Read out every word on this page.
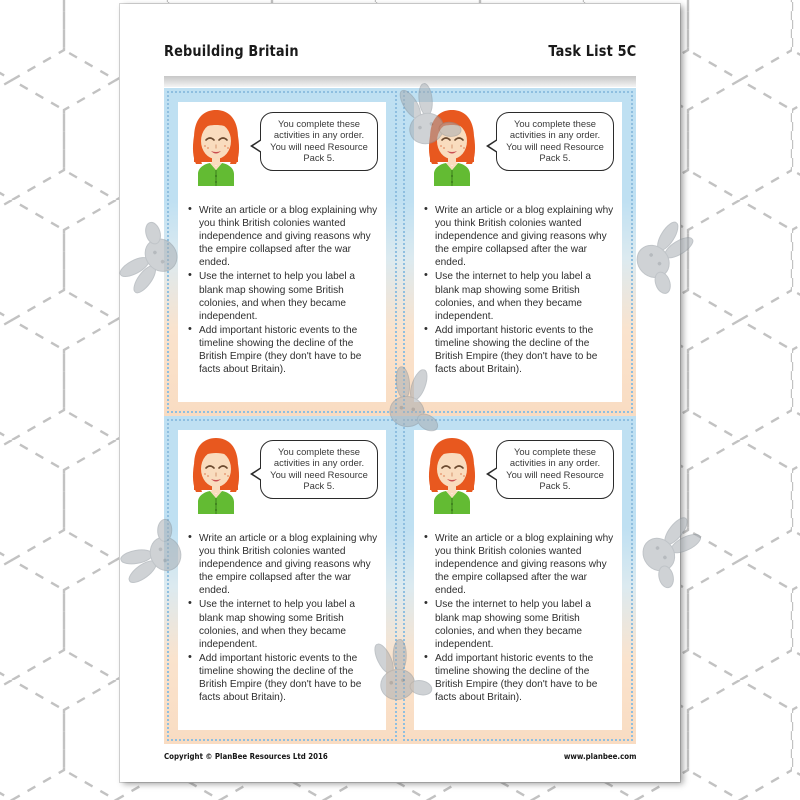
Rebuilding Britain	Task List 5C

You complete these activities in any order. You will need Resource Pack 5.

• Write an article or a blog explaining why you think British colonies wanted independence and giving reasons why the empire collapsed after the war ended.
• Use the internet to help you label a blank map showing some British colonies, and when they became independent.
• Add important historic events to the timeline showing the decline of the British Empire (they don't have to be facts about Britain).

You complete these activities in any order. You will need Resource Pack 5.

• Write an article or a blog explaining why you think British colonies wanted independence and giving reasons why the empire collapsed after the war ended.
• Use the internet to help you label a blank map showing some British colonies, and when they became independent.
• Add important historic events to the timeline showing the decline of the British Empire (they don't have to be facts about Britain).

You complete these activities in any order. You will need Resource Pack 5.

• Write an article or a blog explaining why you think British colonies wanted independence and giving reasons why the empire collapsed after the war ended.
• Use the internet to help you label a blank map showing some British colonies, and when they became independent.
• Add important historic events to the timeline showing the decline of the British Empire (they don't have to be facts about Britain).

You complete these activities in any order. You will need Resource Pack 5.

• Write an article or a blog explaining why you think British colonies wanted independence and giving reasons why the empire collapsed after the war ended.
• Use the internet to help you label a blank map showing some British colonies, and when they became independent.
• Add important historic events to the timeline showing the decline of the British Empire (they don't have to be facts about Britain).
Copyright © PlanBee Resources Ltd 2016	www.planbee.com
